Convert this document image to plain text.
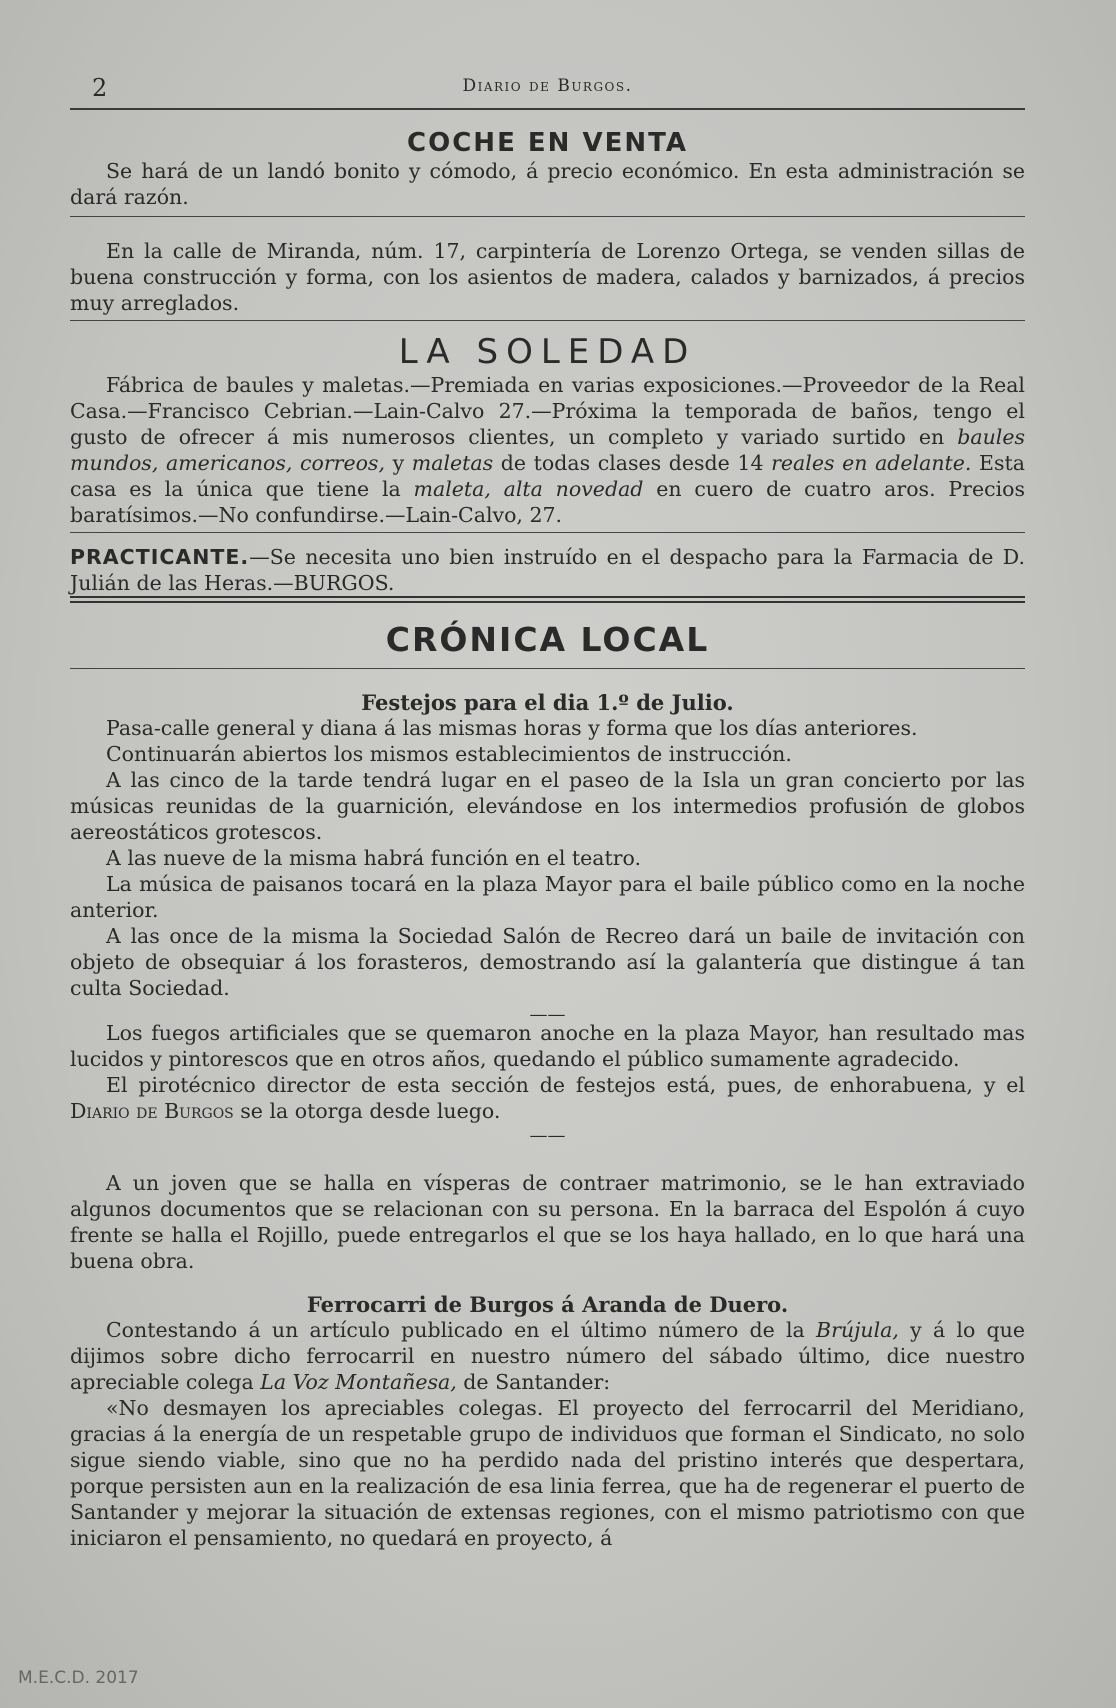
2	Diario de Burgos.
COCHE EN VENTA

Se hará de un landó bonito y cómodo, á precio económico. En esta administración se dará razón.

En la calle de Miranda, núm. 17, carpintería de Lorenzo Ortega, se venden sillas de buena construcción y forma, con los asientos de madera, calados y barnizados, á precios muy arreglados.

LA SOLEDAD

Fábrica de baules y maletas.—Premiada en varias exposiciones.—Proveedor de la Real Casa.—Francisco Cebrian.—Lain-Calvo 27.—Próxima la temporada de baños, tengo el gusto de ofrecer á mis numerosos clientes, un completo y variado surtido en baules mundos, americanos, correos, y maletas de todas clases desde 14 reales en adelante. Esta casa es la única que tiene la maleta, alta novedad en cuero de cuatro aros. Precios baratísimos.—No confundirse.—Lain-Calvo, 27.

PRACTICANTE.—Se necesita uno bien instruído en el despacho para la Farmacia de D. Julián de las Heras.—BURGOS.

CRÓNICA LOCAL
Festejos para el dia 1.º de Julio.

Pasa-calle general y diana á las mismas horas y forma que los días anteriores.

Continuarán abiertos los mismos establecimientos de instrucción.

A las cinco de la tarde tendrá lugar en el paseo de la Isla un gran concierto por las músicas reunidas de la guarnición, elevándose en los intermedios profusión de globos aereostáticos grotescos.

A las nueve de la misma habrá función en el teatro.

La música de paisanos tocará en la plaza Mayor para el baile público como en la noche anterior.

A las once de la misma la Sociedad Salón de Recreo dará un baile de invitación con objeto de obsequiar á los forasteros, demostrando así la galantería que distingue á tan culta Sociedad.

——

Los fuegos artificiales que se quemaron anoche en la plaza Mayor, han resultado mas lucidos y pintorescos que en otros años, quedando el público sumamente agradecido.

El pirotécnico director de esta sección de festejos está, pues, de enhorabuena, y el Diario de Burgos se la otorga desde luego.

——

A un joven que se halla en vísperas de contraer matrimonio, se le han extraviado algunos documentos que se relacionan con su persona. En la barraca del Espolón á cuyo frente se halla el Rojillo, puede entregarlos el que se los haya hallado, en lo que hará una buena obra.

Ferrocarri de Burgos á Aranda de Duero.

Contestando á un artículo publicado en el último número de la Brújula, y á lo que dijimos sobre dicho ferrocarril en nuestro número del sábado último, dice nuestro apreciable colega La Voz Montañesa, de Santander:

«No desmayen los apreciables colegas. El proyecto del ferrocarril del Meridiano, gracias á la energía de un respetable grupo de individuos que forman el Sindicato, no solo sigue siendo viable, sino que no ha perdido nada del pristino interés que despertara, porque persisten aun en la realización de esa linia ferrea, que ha de regenerar el puerto de Santander y mejorar la situación de extensas regiones, con el mismo patriotismo con que iniciaron el pensamiento, no quedará en proyecto, á

M.E.C.D. 2017
